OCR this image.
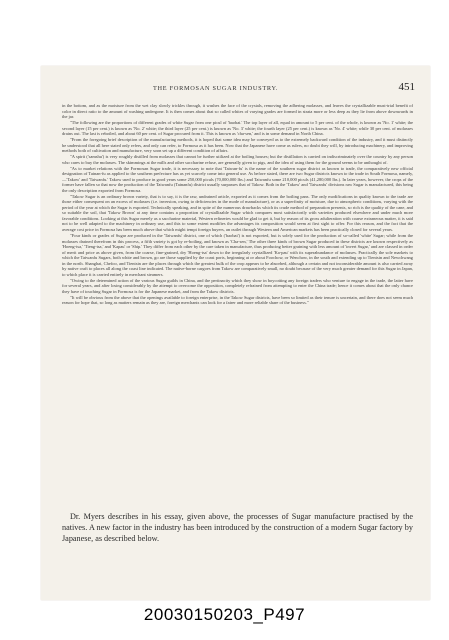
THE FORMOSAN SUGAR INDUSTRY.	451

in the bottom, and as the moisture from the wet clay slowly trickles through, it washes the face of the crystals, removing the adhering molasses, and leaves the crystallizable must-trial benefit of color in direct ratio to the amount of washing undergone. It is then comes about that so called whites of varying grades are formed in strata more or less deep as they lie from above downwards in the jar.

"The following are the proportions of different grades of white Sugar from one picul of 'baobai.' The top layer of all, equal in amount to 5 per cent. of the whole, is known as 'No. 1' white; the second layer (15 per cent.) is known as 'No. 2' white; the third layer (25 per cent.) is known as 'No. 3' white; the fourth layer (25 per cent.) is known as 'No. 4' white; while 30 per cent. of molasses drains out. The last is reboiled, and about 60 per cent. of Sugar procured from it. This is known as 'cha-sen,' and is in some demand in North China.

"From the foregoing brief description of the manufacturing methods, it is hoped that some idea may be conveyed as to the extremely backward condition of the industry, and it must distinctly be understood that all here stated only refers, and only can refer, to Formosa as it has been. Now that the Japanese have come as rulers, no doubt they will, by introducing machinery, and improving methods both of cultivation and manufacture, very soon set up a different condition of affairs.

"A spirit ('samshu') is very roughly distilled from molasses that cannot be further utilized at the boiling houses; but the distillation is carried on indiscriminately over the country by any person who cares to buy the molasses. The skimmings at the mills and other saccharine refuse, are generally given to pigs, and the idea of using them for the ground seems to be unthought of.

"As to market relations with the Formosan Sugar trade, it is necessary to note that 'Taiwan-fu' is the name of the southern sugar district as known to trade, the comparatively new official designation of Tainan-fu as applied to the southern prefecture has as yet scarcely come into general use. As before stated, there are two Sugar districts known to the trade in South Formosa, namely,—'Takow' and 'Taiwanfu.' Takow used to produce in good years some 250,000 piculs (70,000,000 lbs.) and Taiwanfu some 210,000 piculs (41,280,000 lbs.). In later years, however, the crops of the former have fallen so that now the production of the Taiwanfu (Tainanfu) district usually surpasses that of Takow. Both in the 'Takow' and 'Taiwanfu' divisions raw Sugar is manufactured, this being the only description exported from Formosa.

"Takow Sugar is an ordinary brown variety, that is to say, it is the raw, undrained article, exported as it comes from the boiling pans. The only modifications in quality known to the trade are those either consequent on an excess of molasses (i.e. inversion, owing to deficiencies in the mode of manufacture), or as a superfinity of moisture, due to atmospheric conditions, varying with the period of the year at which the Sugar is exported. Technically speaking, and in spite of the numerous drawbacks which its crude method of preparation presents, so rich is the quality of the cane, and so suitable the soil, that 'Takow Brown' at any time contains a proportion of crystallizable Sugar which compares most satisfactorily with varieties produced elsewhere and under much more favorable conditions. Looking at this Sugar merely as a saccharine material, Western refineries would be glad to get it, but by reason of its gross adulteration with coarse extraneous matter, it is said not to be well adapted to the machinery in ordinary use, and this to some extent modifies the advantages its composition would seem at first sight to offer. For this reason, and the fact that the average cost price in Formosa has been much above that which might tempt foreign buyers, an outlet through Western and American markets has been practically closed for several years.

"Four kinds or grades of Sugar are produced in the 'Taiwanfu' district, one of which ('baobai') is not exported, but is solely used for the production of so-called 'white' Sugar; while from the molasses drained therefrom in this process, a fifth variety is got by re-boiling, and known as 'Cha-sen,' The other three kinds of brown Sugar produced in these districts are known respectively as 'Hoeng-tsa,' 'Tieng-tsa,' and 'Kapau' or 'Ship.' They differ from each other by the care taken in manufacture, thus producing better graining with less amount of 'invert Sugar,' and are classed in order of merit and price as above given, from the coarse, fine-grained, dry 'Hoeng-tsa' down to the irregularly crystallized 'Ka-pau' with its superabundance of molasses. Practically the sole markets to which the Taiwanfu Sugars, both white and brown, go are those supplied by the coast ports, beginning at or about Foochow, or Wenchow, in the south and extending up to Tientsin and Newchwang in the north. Shanghai, Chefoo, and Tientsin are the places through which the greatest bulk of the crop appears to be absorbed, although a certain and not inconsiderable amount is also carried away by native craft to places all along the coast line indicated. The native-borne cargoes from Takow are comparatively small, no doubt because of the very much greater demand for this Sugar in Japan, to which place it is carried entirely in merchant steamers.

"Owing to the determined action of the various Sugar guilds in China, and the pertinacity which they show in boycotting any foreign traders who venture to engage in the trade, the latter have for several years, and after losing considerably by the attempt to overcome the opposition, completely refrained from attempting to enter the China trade; hence it comes about that the only chance they have of touching Sugar in Formosa is for the Japanese market, and from the Takow districts.

"It will be obvious from the above that the openings available to foreign enterprise, in the Takow Sugar districts, have been so limited as their tenure is uncertain, and there does not seem much reason for hope that, so long as matters remain as they are, foreign merchants can look for a fairer and more reliable share of the business."

Dr. Myers describes in his essay, given above, the processes of Sugar manufacture practised by the natives. A new factor in the industry has been introduced by the construction of a modern Sugar factory by Japanese, as described below.

20030150203_P497
